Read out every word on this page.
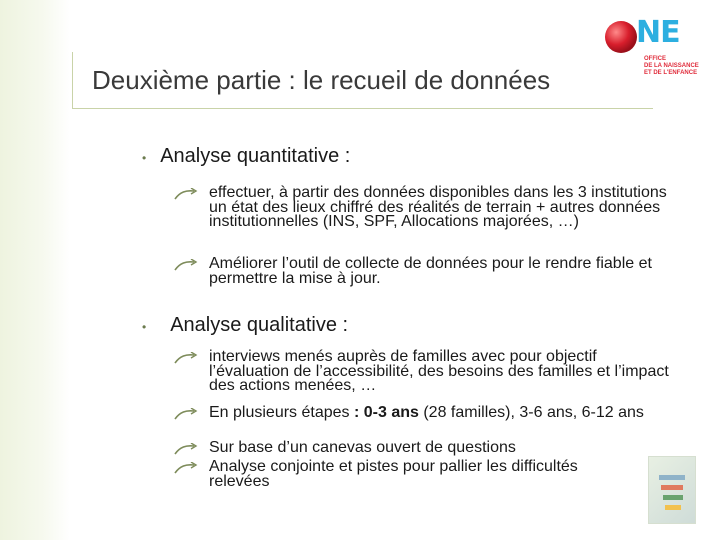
Deuxième partie : le recueil de données
NE
OFFICE
DE LA NAISSANCE
ET DE L'ENFANCE
• Analyse quantitative :
effectuer, à partir des données disponibles dans les 3 institutions un état des lieux chiffré des réalités de terrain + autres données institutionnelles (INS, SPF, Allocations majorées, …)
Améliorer l’outil de collecte de données pour le rendre fiable et permettre la mise à jour.
• Analyse qualitative :
interviews menés auprès de familles avec pour objectif l’évaluation de l’accessibilité, des besoins des familles et l’impact des actions menées, …
En plusieurs étapes : 0-3 ans (28 familles), 3-6 ans, 6-12 ans
Sur base d’un canevas ouvert de questions
Analyse conjointe et pistes pour pallier les difficultés relevées
